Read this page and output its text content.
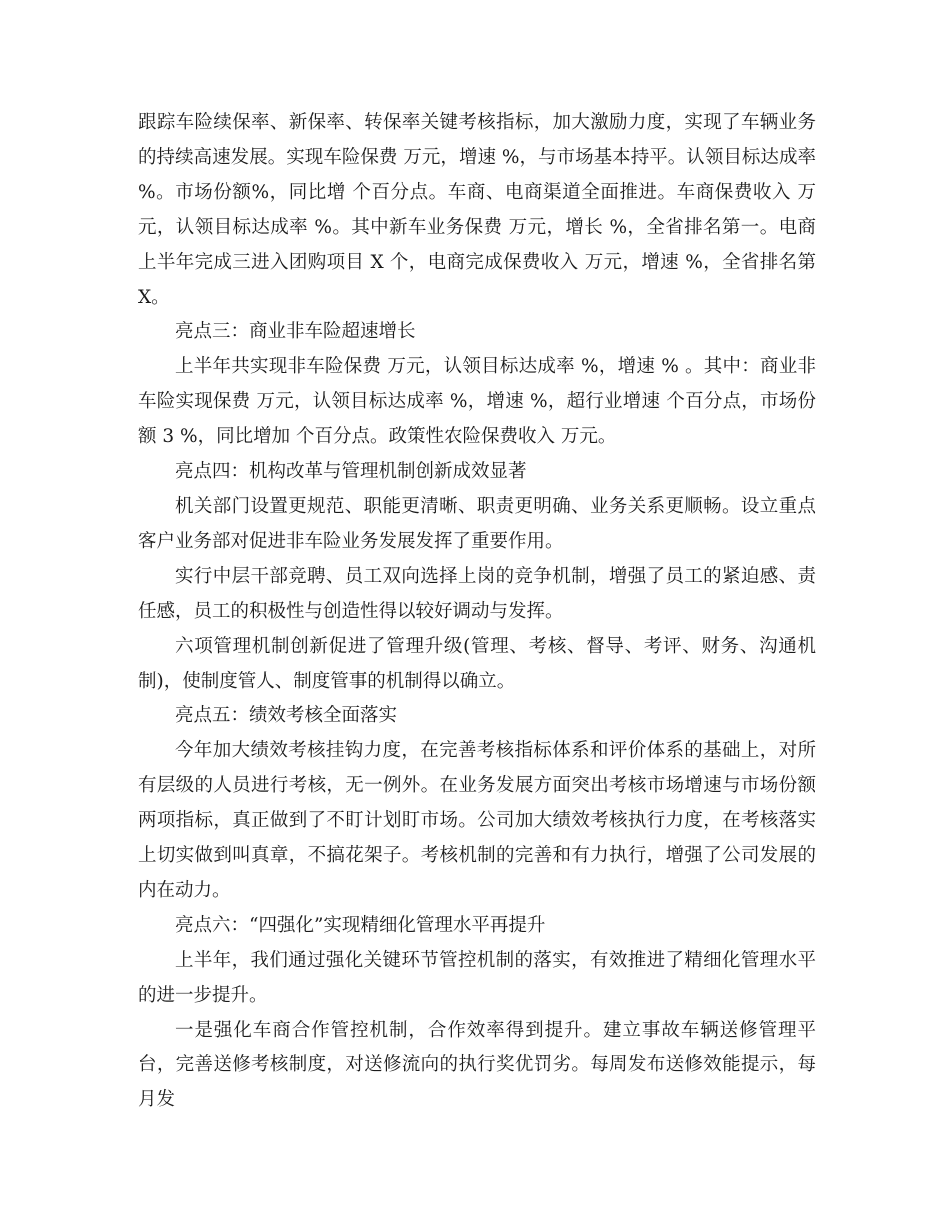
跟踪车险续保率、新保率、转保率关键考核指标，加大激励力度，实现了车辆业务的持续高速发展。实现车险保费 万元，增速 %，与市场基本持平。认领目标达成率 %。市场份额%，同比增 个百分点。车商、电商渠道全面推进。车商保费收入 万元，认领目标达成率 %。其中新车业务保费 万元，增长 %，全省排名第一。电商上半年完成三进入团购项目 X 个，电商完成保费收入 万元，增速 %，全省排名第 X。

亮点三：商业非车险超速增长

上半年共实现非车险保费 万元，认领目标达成率 %，增速 % 。其中：商业非车险实现保费 万元，认领目标达成率 %，增速 %，超行业增速 个百分点，市场份额 3 %，同比增加 个百分点。政策性农险保费收入 万元。

亮点四：机构改革与管理机制创新成效显著

机关部门设置更规范、职能更清晰、职责更明确、业务关系更顺畅。设立重点客户业务部对促进非车险业务发展发挥了重要作用。

实行中层干部竞聘、员工双向选择上岗的竞争机制，增强了员工的紧迫感、责任感，员工的积极性与创造性得以较好调动与发挥。

六项管理机制创新促进了管理升级(管理、考核、督导、考评、财务、沟通机制)，使制度管人、制度管事的机制得以确立。

亮点五：绩效考核全面落实

今年加大绩效考核挂钩力度，在完善考核指标体系和评价体系的基础上，对所有层级的人员进行考核，无一例外。在业务发展方面突出考核市场增速与市场份额两项指标，真正做到了不盯计划盯市场。公司加大绩效考核执行力度，在考核落实上切实做到叫真章，不搞花架子。考核机制的完善和有力执行，增强了公司发展的内在动力。

亮点六：“四强化”实现精细化管理水平再提升

上半年，我们通过强化关键环节管控机制的落实，有效推进了精细化管理水平的进一步提升。

一是强化车商合作管控机制，合作效率得到提升。建立事故车辆送修管理平台，完善送修考核制度，对送修流向的执行奖优罚劣。每周发布送修效能提示，每月发
